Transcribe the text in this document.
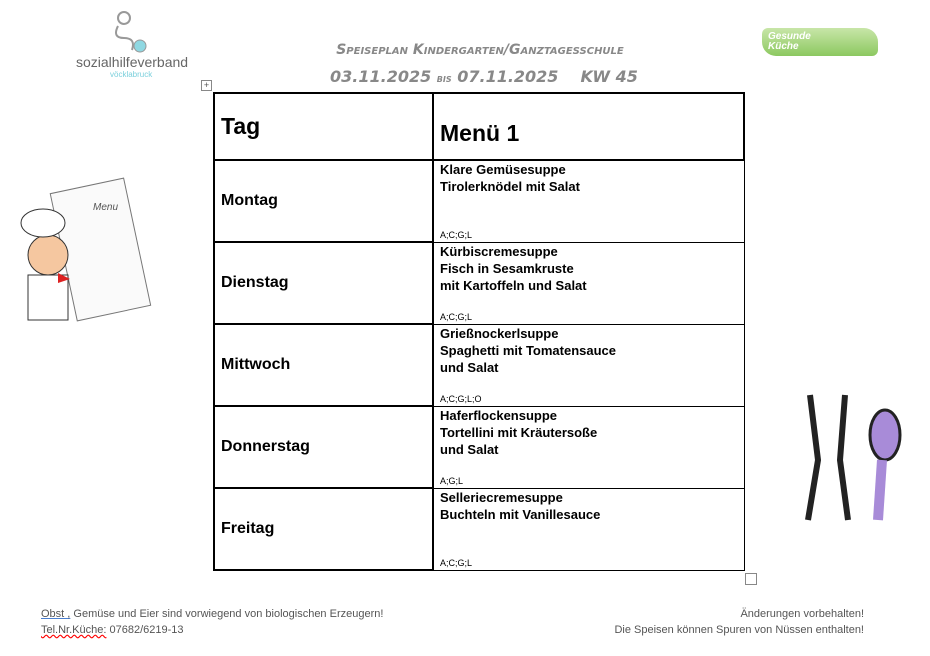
sozialhilfeverband
vöcklabruck
Speiseplan Kindergarten/Ganztagesschule
03.11.2025 bis 07.11.2025 KW 45
Gesunde
Küche
+
Menu
Tag	Menü 1
Montag	Klare Gemüsesuppe
Tirolerknödel mit Salat
A;C;G;L

Dienstag	Kürbiscremesuppe
Fisch in Sesamkruste
mit Kartoffeln und Salat
A;C;G;L

Mittwoch	Grießnockerlsuppe
Spaghetti mit Tomatensauce
und Salat
A;C;G;L;O

Donnerstag	Haferflockensuppe
Tortellini mit Kräutersoße
und Salat
A;G;L

Freitag	Selleriecremesuppe
Buchteln mit Vanillesauce
A;C;G;L
Obst , Gemüse und Eier sind vorwiegend von biologischen Erzeugern!
Tel.Nr.Küche: 07682/6219-13
Änderungen vorbehalten!
Die Speisen können Spuren von Nüssen enthalten!
